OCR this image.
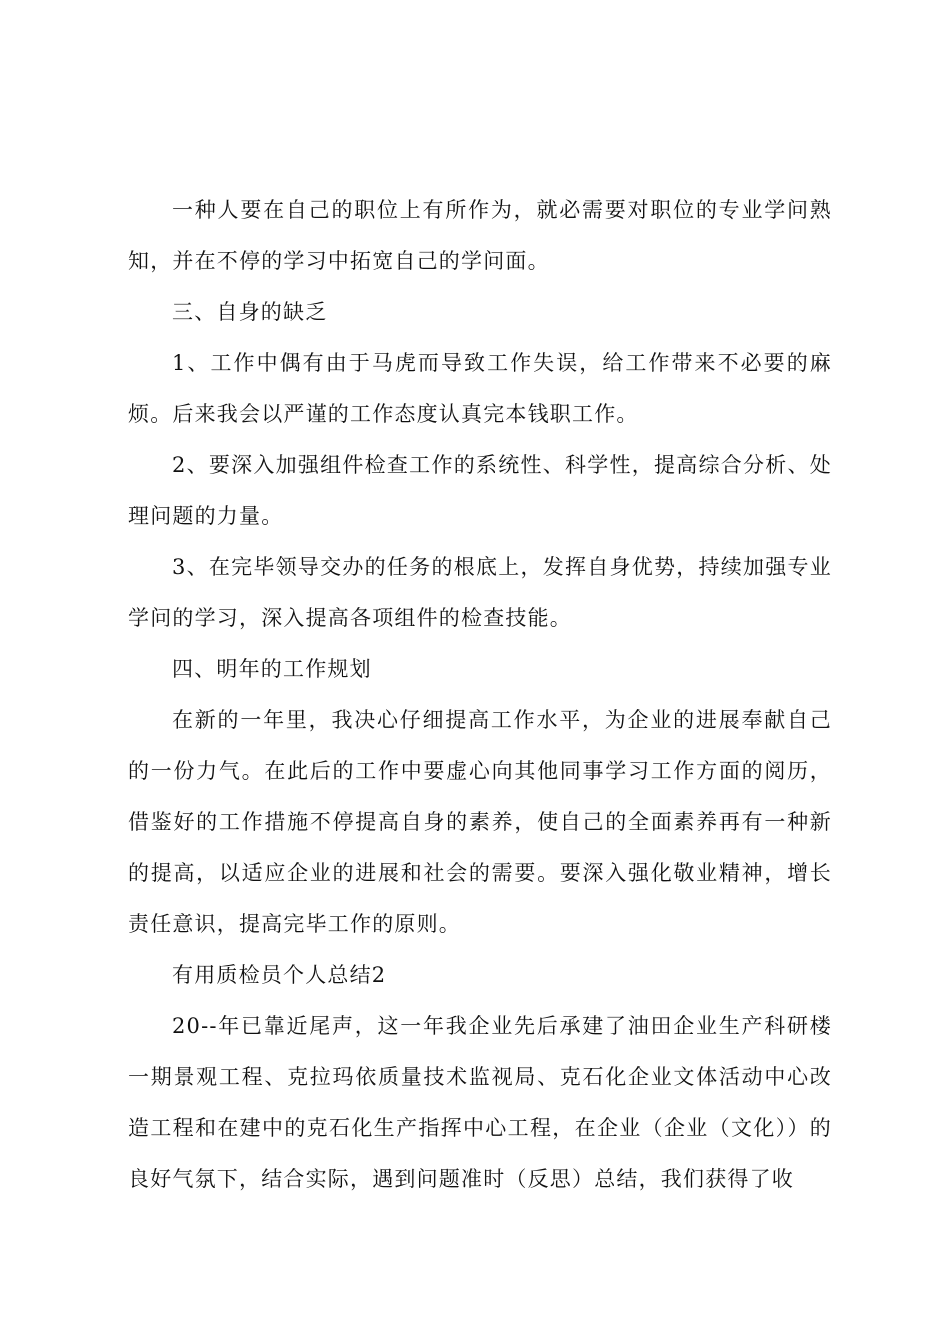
一种人要在自己的职位上有所作为，就必需要对职位的专业学问熟知，并在不停的学习中拓宽自己的学问面。

三、自身的缺乏

1、工作中偶有由于马虎而导致工作失误，给工作带来不必要的麻烦。后来我会以严谨的工作态度认真完本钱职工作。

2、要深入加强组件检查工作的系统性、科学性，提高综合分析、处理问题的力量。

3、在完毕领导交办的任务的根底上，发挥自身优势，持续加强专业学问的学习，深入提高各项组件的检查技能。

四、明年的工作规划

在新的一年里，我决心仔细提高工作水平，为企业的进展奉献自己的一份力气。在此后的工作中要虚心向其他同事学习工作方面的阅历，借鉴好的工作措施不停提高自身的素养，使自己的全面素养再有一种新的提高，以适应企业的进展和社会的需要。要深入强化敬业精神，增长责任意识，提高完毕工作的原则。

有用质检员个人总结2

20--年已靠近尾声，这一年我企业先后承建了油田企业生产科研楼一期景观工程、克拉玛依质量技术监视局、克石化企业文体活动中心改造工程和在建中的克石化生产指挥中心工程，在企业（企业（文化））的良好气氛下，结合实际，遇到问题准时（反思）总结，我们获得了收
